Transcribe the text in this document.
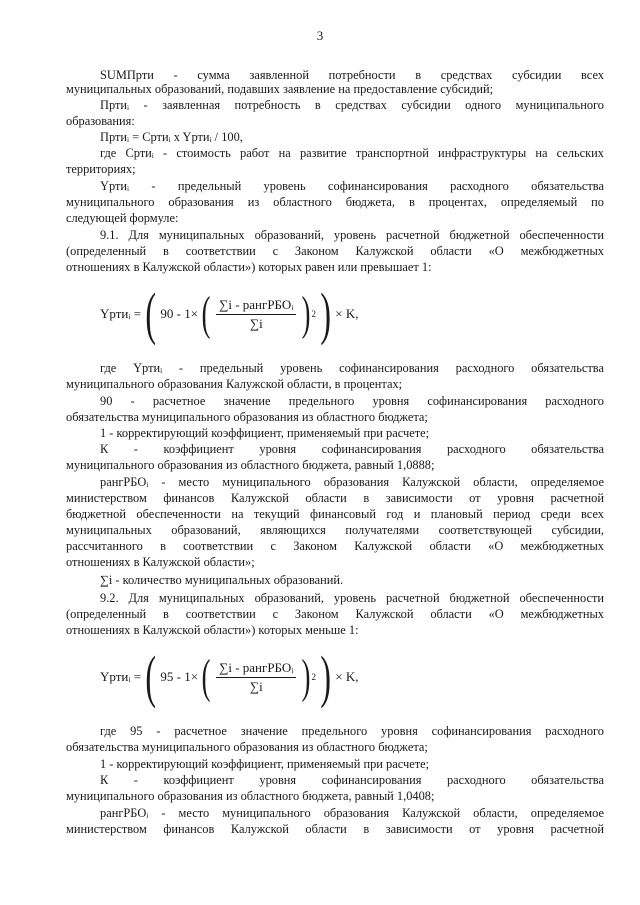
3
SUMПрти - сумма заявленной потребности в средствах субсидии всех
муниципальных образований, подавших заявление на предоставление субсидий;
Пртиᵢ - заявленная потребность в средствах субсидии одного муниципального
образования:
Пртиᵢ = Сртиᵢ x Yртиᵢ / 100,
где Сртиᵢ - стоимость работ на развитие транспортной инфраструктуры на сельских
территориях;
Yртиᵢ - предельный уровень софинансирования расходного обязательства
муниципального образования из областного бюджета, в процентах, определяемый по
следующей формуле:
9.1. Для муниципальных образований, уровень расчетной бюджетной обеспеченности
(определенный в соответствии с Законом Калужской области «О межбюджетных
отношениях в Калужской области») которых равен или превышает 1:
где Yртиᵢ - предельный уровень софинансирования расходного обязательства
муниципального образования Калужской области, в процентах;
90 - расчетное значение предельного уровня софинансирования расходного
обязательства муниципального образования из областного бюджета;
1 - корректирующий коэффициент, применяемый при расчете;
К - коэффициент уровня софинансирования расходного обязательства
муниципального образования из областного бюджета, равный 1,0888;
рангРБОᵢ - место муниципального образования Калужской области, определяемое
министерством финансов Калужской области в зависимости от уровня расчетной
бюджетной обеспеченности на текущий финансовый год и плановый период среди всех
муниципальных образований, являющихся получателями соответствующей субсидии,
рассчитанного в соответствии с Законом Калужской области «О межбюджетных
отношениях в Калужской области»;
∑i - количество муниципальных образований.
9.2. Для муниципальных образований, уровень расчетной бюджетной обеспеченности
(определенный в соответствии с Законом Калужской области «О межбюджетных
отношениях в Калужской области») которых меньше 1:
где 95 - расчетное значение предельного уровня софинансирования расходного
обязательства муниципального образования из областного бюджета;
1 - корректирующий коэффициент, применяемый при расчете;
К - коэффициент уровня софинансирования расходного обязательства
муниципального образования из областного бюджета, равный 1,0408;
рангРБОᵢ - место муниципального образования Калужской области, определяемое
министерством финансов Калужской области в зависимости от уровня расчетной
Yртиᵢ = ( 90 - 1× ( $\frac{\text{∑i - рангРБОᵢ}}{\sum i}$ ) 2 ) × K,
Yртиᵢ = ( 95 - 1× ( $\frac{\text{∑i - рангРБОᵢ}}{\sum i}$ ) 2 ) × K,
